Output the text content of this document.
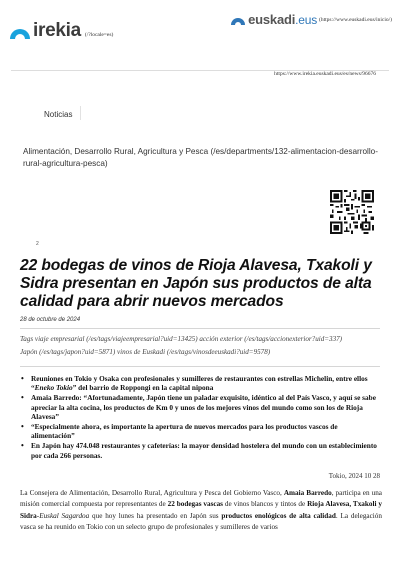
irekia (/?locale=es)
euskadi.eus (https://www.euskadi.eus/inicio/)
https://www.irekia.euskadi.eus/es/news/96676
Noticias
Alimentación, Desarrollo Rural, Agricultura y Pesca (/es/departments/132-alimentacion-desarrollo-rural-agricultura-pesca)
2
22 bodegas de vinos de Rioja Alavesa, Txakoli y Sidra presentan en Japón sus productos de alta calidad para abrir nuevos mercados
28 de octubre de 2024
Tags viaje empresarial (/es/tags/viajeempresarial?uid=13425) acción exterior (/es/tags/accionexterior?uid=337)
Japón (/es/tags/japon?uid=5871) vinos de Euskadi (/es/tags/vinosdeeuskadi?uid=9578)
• Reuniones en Tokio y Osaka con profesionales y sumilleres de restaurantes con estrellas Michelin, entre ellos “Eneko Tokio” del barrio de Roppongi en la capital nipona
• Amaia Barredo: “Afortunadamente, Japón tiene un paladar exquisito, idéntico al del País Vasco, y aquí se sabe apreciar la alta cocina, los productos de Km 0 y unos de los mejores vinos del mundo como son los de Rioja Alavesa”
• “Especialmente ahora, es importante la apertura de nuevos mercados para los productos vascos de alimentación”
• En Japón hay 474.048 restaurantes y cafeterías: la mayor densidad hostelera del mundo con un establecimiento por cada 266 personas.
Tokio, 2024 10 28

La Consejera de Alimentación, Desarrollo Rural, Agricultura y Pesca del Gobierno Vasco, Amaia Barredo, participa en una misión comercial compuesta por representantes de 22 bodegas vascas de vinos blancos y tintos de Rioja Alavesa, Txakoli y Sidra-Euskal Sagardoa que hoy lunes ha presentado en Japón sus productos enológicos de alta calidad. La delegación vasca se ha reunido en Tokio con un selecto grupo de profesionales y sumilleres de varios
